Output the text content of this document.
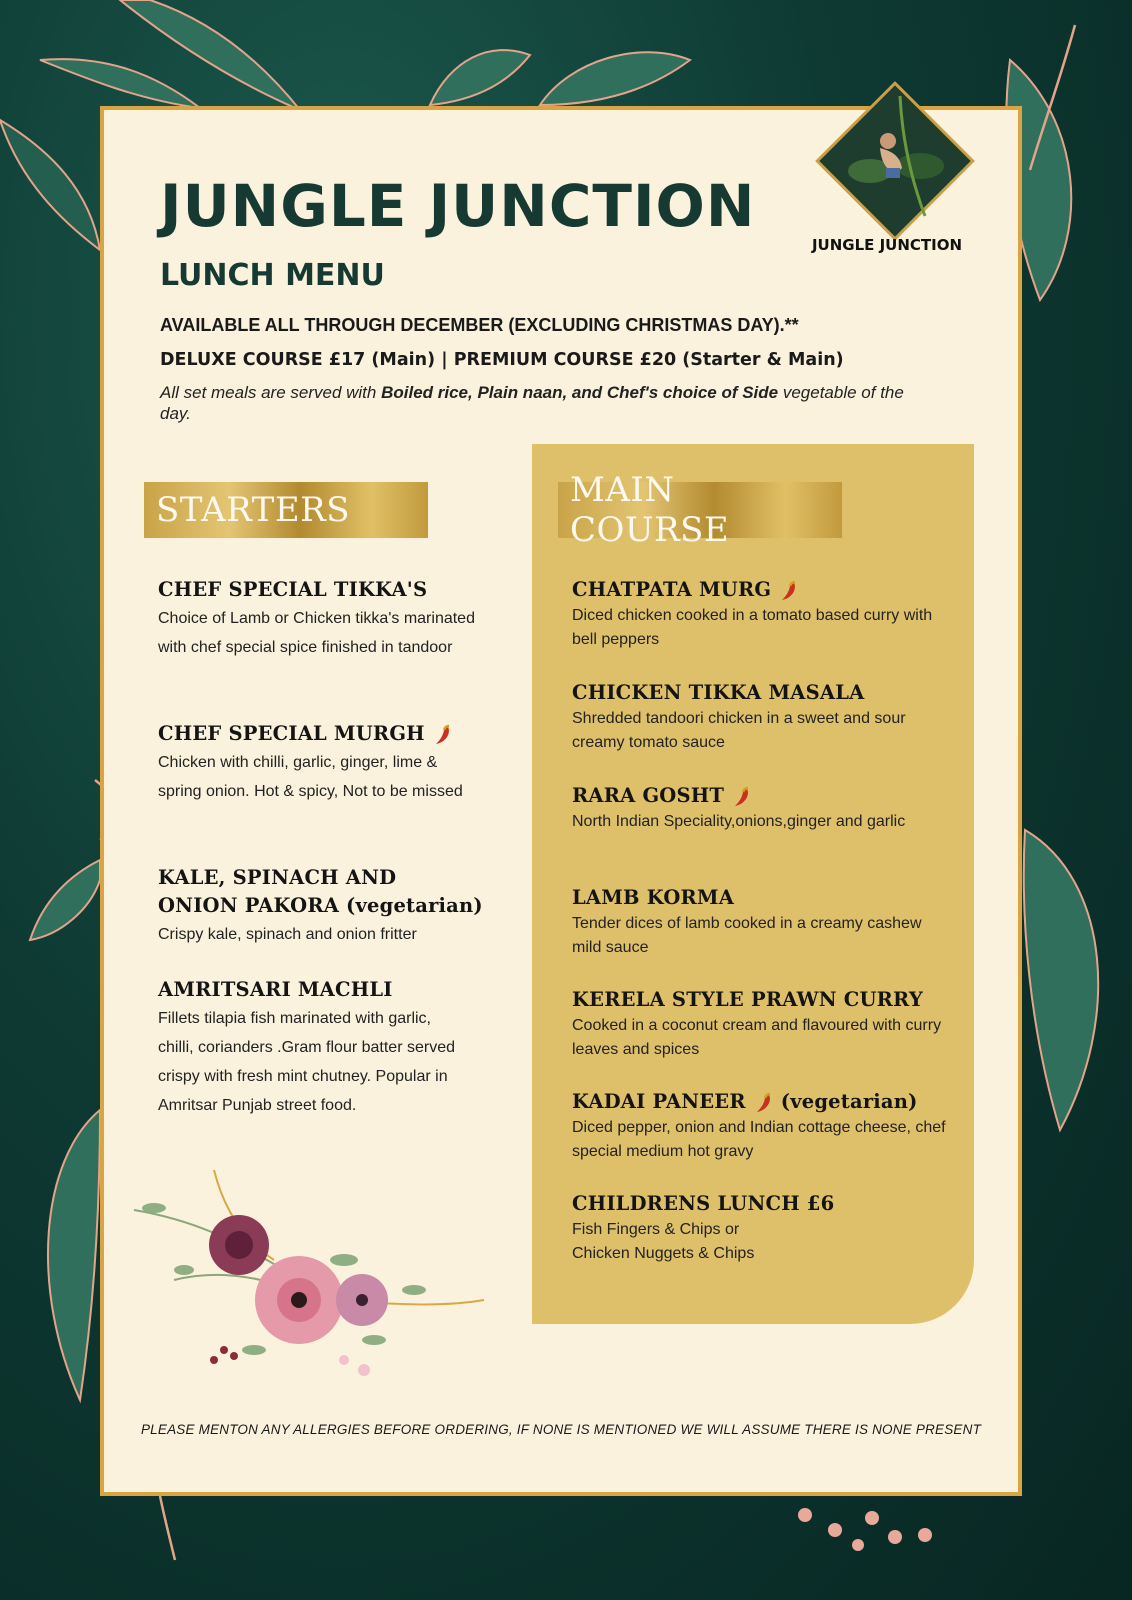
JUNGLE JUNCTION
JUNGLE JUNCTION
LUNCH MENU

AVAILABLE ALL THROUGH DECEMBER (EXCLUDING CHRISTMAS DAY).**

DELUXE COURSE £17 (Main) | PREMIUM COURSE £20 (Starter & Main)

All set meals are served with Boiled rice, Plain naan, and Chef's choice of Side vegetable of the day.

STARTERS
CHEF SPECIAL TIKKA'S
Choice of Lamb or Chicken tikka's marinated with chef special spice finished in tandoor
CHEF SPECIAL MURGH
Chicken with chilli, garlic, ginger, lime & spring onion. Hot & spicy, Not to be missed
KALE, SPINACH AND
ONION PAKORA (vegetarian)
Crispy kale, spinach and onion fritter
AMRITSARI MACHLI
Fillets tilapia fish marinated with garlic, chilli, corianders .Gram flour batter served crispy with fresh mint chutney. Popular in Amritsar Punjab street food.
MAIN COURSE
CHATPATA MURG
Diced chicken cooked in a tomato based curry with bell peppers
CHICKEN TIKKA MASALA
Shredded tandoori chicken in a sweet and sour creamy tomato sauce
RARA GOSHT
North Indian Speciality,onions,ginger and garlic
LAMB KORMA
Tender dices of lamb cooked in a creamy cashew mild sauce
KERELA STYLE PRAWN CURRY
Cooked in a coconut cream and flavoured with curry leaves and spices
KADAI PANEER (vegetarian)
Diced pepper, onion and Indian cottage cheese, chef special medium hot gravy
CHILDRENS LUNCH £6
Fish Fingers & Chips or
Chicken Nuggets & Chips

PLEASE MENTON ANY ALLERGIES BEFORE ORDERING, IF NONE IS MENTIONED WE WILL ASSUME THERE IS NONE PRESENT
